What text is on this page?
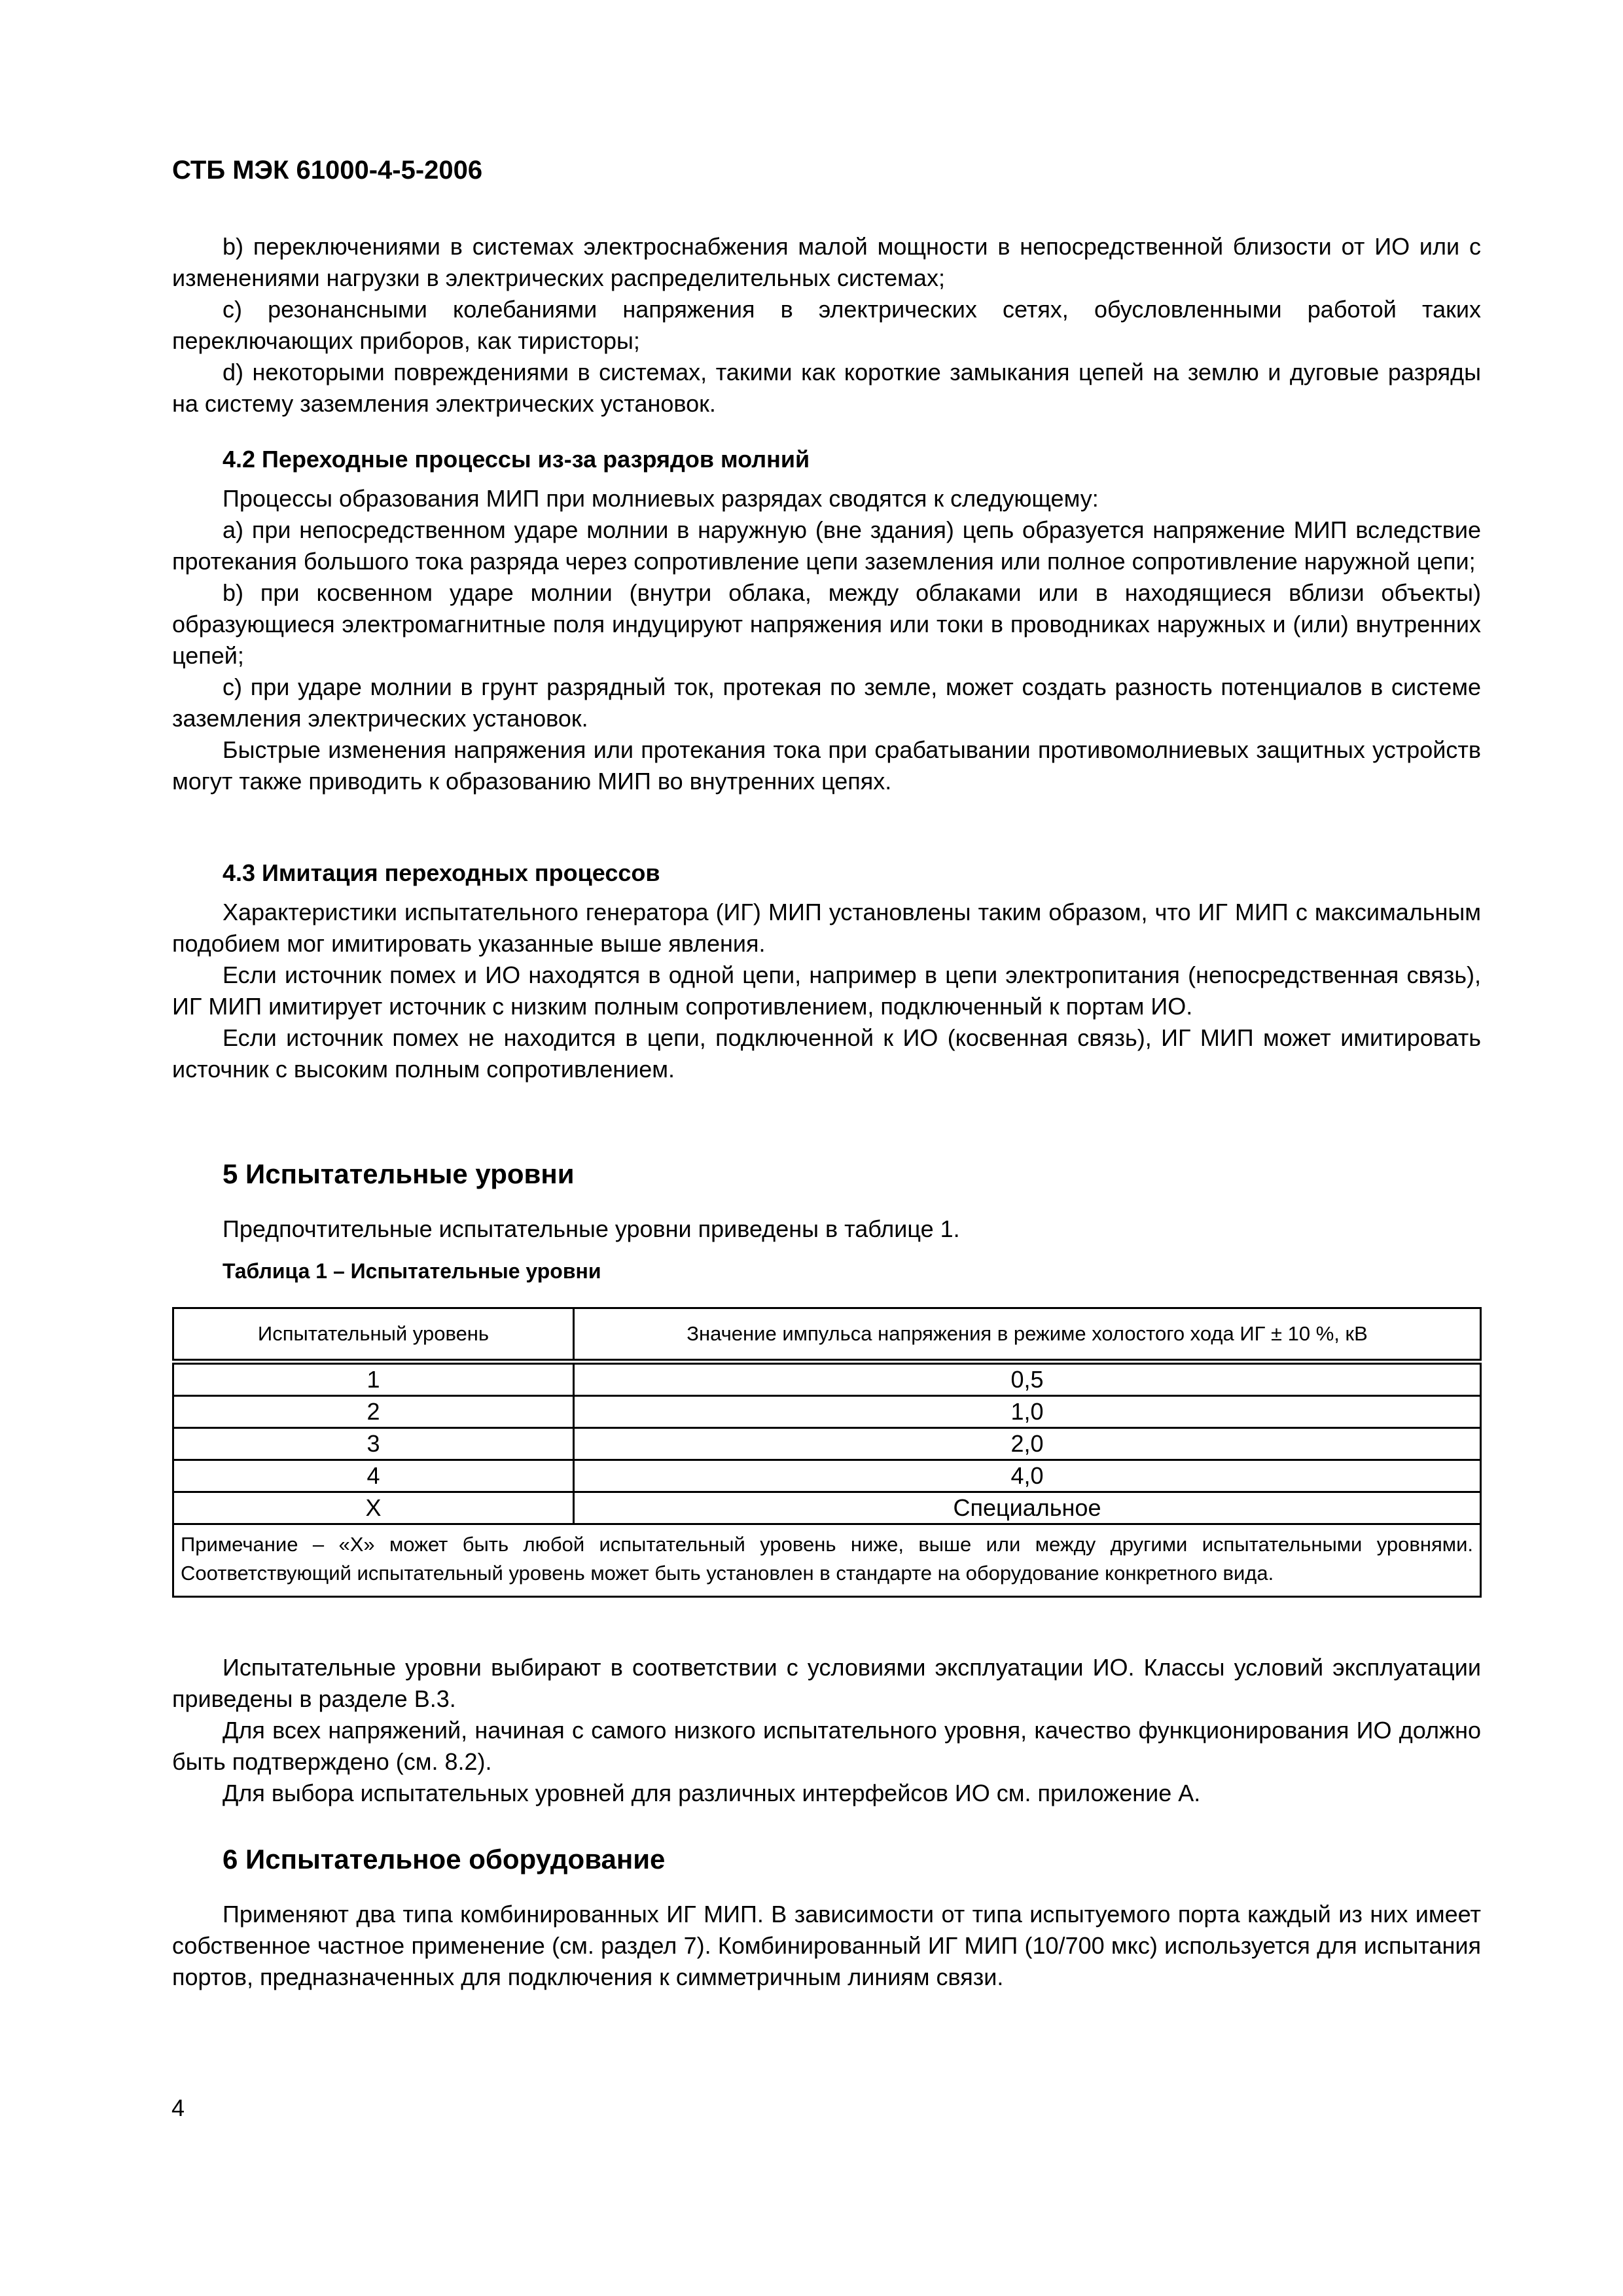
СТБ МЭК 61000-4-5-2006

b) переключениями в системах электроснабжения малой мощности в непосредственной близости от ИО или с изменениями нагрузки в электрических распределительных системах;

c) резонансными колебаниями напряжения в электрических сетях, обусловленными работой таких переключающих приборов, как тиристоры;

d) некоторыми повреждениями в системах, такими как короткие замыкания цепей на землю и дуговые разряды на систему заземления электрических установок.

4.2 Переходные процессы из-за разрядов молний

Процессы образования МИП при молниевых разрядах сводятся к следующему:

a) при непосредственном ударе молнии в наружную (вне здания) цепь образуется напряжение МИП вследствие протекания большого тока разряда через сопротивление цепи заземления или полное сопротивление наружной цепи;

b) при косвенном ударе молнии (внутри облака, между облаками или в находящиеся вблизи объекты) образующиеся электромагнитные поля индуцируют напряжения или токи в проводниках наружных и (или) внутренних цепей;

c) при ударе молнии в грунт разрядный ток, протекая по земле, может создать разность потенциалов в системе заземления электрических установок.

Быстрые изменения напряжения или протекания тока при срабатывании противомолниевых защитных устройств могут также приводить к образованию МИП во внутренних цепях.

4.3 Имитация переходных процессов

Характеристики испытательного генератора (ИГ) МИП установлены таким образом, что ИГ МИП с максимальным подобием мог имитировать указанные выше явления.

Если источник помех и ИО находятся в одной цепи, например в цепи электропитания (непосредственная связь), ИГ МИП имитирует источник с низким полным сопротивлением, подключенный к портам ИО.

Если источник помех не находится в цепи, подключенной к ИО (косвенная связь), ИГ МИП может имитировать источник с высоким полным сопротивлением.

5 Испытательные уровни

Предпочтительные испытательные уровни приведены в таблице 1.

Таблица 1 – Испытательные уровни
Испытательный уровень	Значение импульса напряжения в режиме холостого хода ИГ ± 10 %, кВ
1	0,5
2	1,0
3	2,0
4	4,0
X	Специальное
Примечание – «X» может быть любой испытательный уровень ниже, выше или между другими испытательными уровнями. Соответствующий испытательный уровень может быть установлен в стандарте на оборудование конкретного вида.	

Испытательные уровни выбирают в соответствии с условиями эксплуатации ИО. Классы условий эксплуатации приведены в разделе B.3.

Для всех напряжений, начиная с самого низкого испытательного уровня, качество функционирования ИО должно быть подтверждено (см. 8.2).

Для выбора испытательных уровней для различных интерфейсов ИО см. приложение А.

6 Испытательное оборудование

Применяют два типа комбинированных ИГ МИП. В зависимости от типа испытуемого порта каждый из них имеет собственное частное применение (см. раздел 7). Комбинированный ИГ МИП (10/700 мкс) используется для испытания портов, предназначенных для подключения к симметричным линиям связи.

4
